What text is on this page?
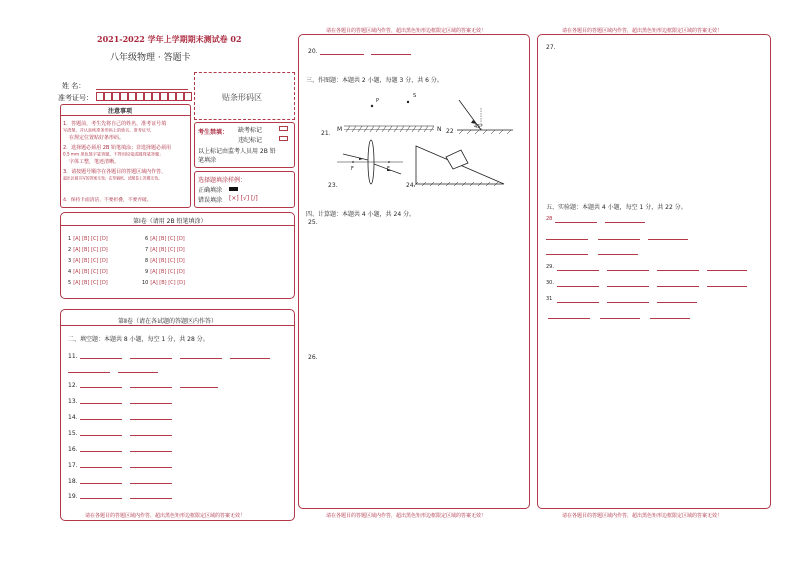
2021-2022 学年上学期期末测试卷 02
八年级物理 · 答题卡
姓 名：
准考证号：	贴条形码区
注意事项
1．答题前，考生先将自己的姓名，准考证号填
写清楚，并认真核准条形码上的姓名、准考证号，
在规定位置贴好条形码。
2．选择题必须用 2B 铅笔填涂；非选择题必须用
0.5 mm 黑色签字笔答题，不得用铅笔或圆珠笔答题；
字体工整，笔迹清晰。
3．请按题号顺序在各题目的答题区域内作答，
超出区域书写的答案无效；在草稿纸、试题卷上答题无效。
4．保持卡面清洁，不要折叠，不要弄破。
考生禁填： 缺考标记
违纪标记
以上标记由监考人员用 2B 铅
笔填涂
选择题填涂样例：
正确填涂
错误填涂 [×] [√] [/]
第Ⅰ卷（请用 2B 铅笔填涂）
1 [A] [B] [C] [D]
2 [A] [B] [C] [D]
3 [A] [B] [C] [D]
4 [A] [B] [C] [D]
5 [A] [B] [C] [D]
6 [A] [B] [C] [D]
7 [A] [B] [C] [D]
8 [A] [B] [C] [D]
9 [A] [B] [C] [D]
10 [A] [B] [C] [D]
第Ⅱ卷（请在各试题的答题区内作答）
二、填空题：本题共 8 小题，每空 1 分，共 28 分。
11．
12．
13．
14．
15．
16．
17．
18．
19．
请在各题目的答题区域内作答，超出黑色矩形边框限定区域的答案无效！
请在各题目的答题区域内作答，超出黑色矩形边框限定区域的答案无效！
20．
三、作图题：本题共 2 小题，每题 3 分，共 6 分。
21．
M	N
P
S
22
45°
23.
F	F
24.
四、计算题：本题共 4 小题，共 24 分。
25.
26.
请在各题目的答题区域内作答，超出黑色矩形边框限定区域的答案无效！
请在各题目的答题区域内作答，超出黑色矩形边框限定区域的答案无效！
27.
五、实验题：本题共 4 小题，每空 1 分，共 22 分。
28
29.
30.
31
请在各题目的答题区域内作答，超出黑色矩形边框限定区域的答案无效！
